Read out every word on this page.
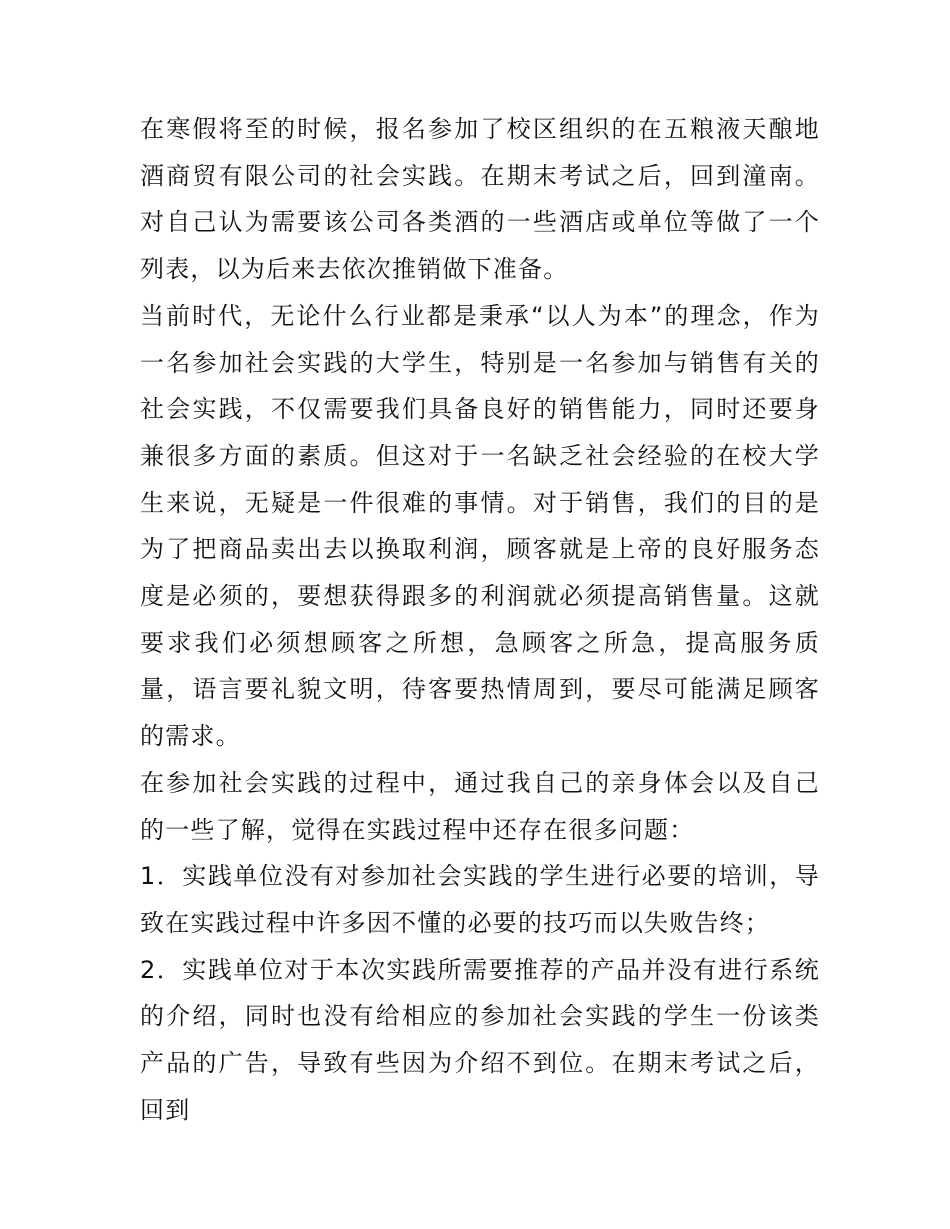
在寒假将至的时候，报名参加了校区组织的在五粮液天酿地酒商贸有限公司的社会实践。在期末考试之后，回到潼南。对自己认为需要该公司各类酒的一些酒店或单位等做了一个列表，以为后来去依次推销做下准备。

当前时代，无论什么行业都是秉承“以人为本”的理念，作为一名参加社会实践的大学生，特别是一名参加与销售有关的社会实践，不仅需要我们具备良好的销售能力，同时还要身兼很多方面的素质。但这对于一名缺乏社会经验的在校大学生来说，无疑是一件很难的事情。对于销售，我们的目的是为了把商品卖出去以换取利润，顾客就是上帝的良好服务态度是必须的，要想获得跟多的利润就必须提高销售量。这就要求我们必须想顾客之所想，急顾客之所急，提高服务质量，语言要礼貌文明，待客要热情周到，要尽可能满足顾客的需求。

在参加社会实践的过程中，通过我自己的亲身体会以及自己的一些了解，觉得在实践过程中还存在很多问题：

1．实践单位没有对参加社会实践的学生进行必要的培训，导致在实践过程中许多因不懂的必要的技巧而以失败告终；

2．实践单位对于本次实践所需要推荐的产品并没有进行系统的介绍，同时也没有给相应的参加社会实践的学生一份该类产品的广告，导致有些因为介绍不到位。在期末考试之后，回到
